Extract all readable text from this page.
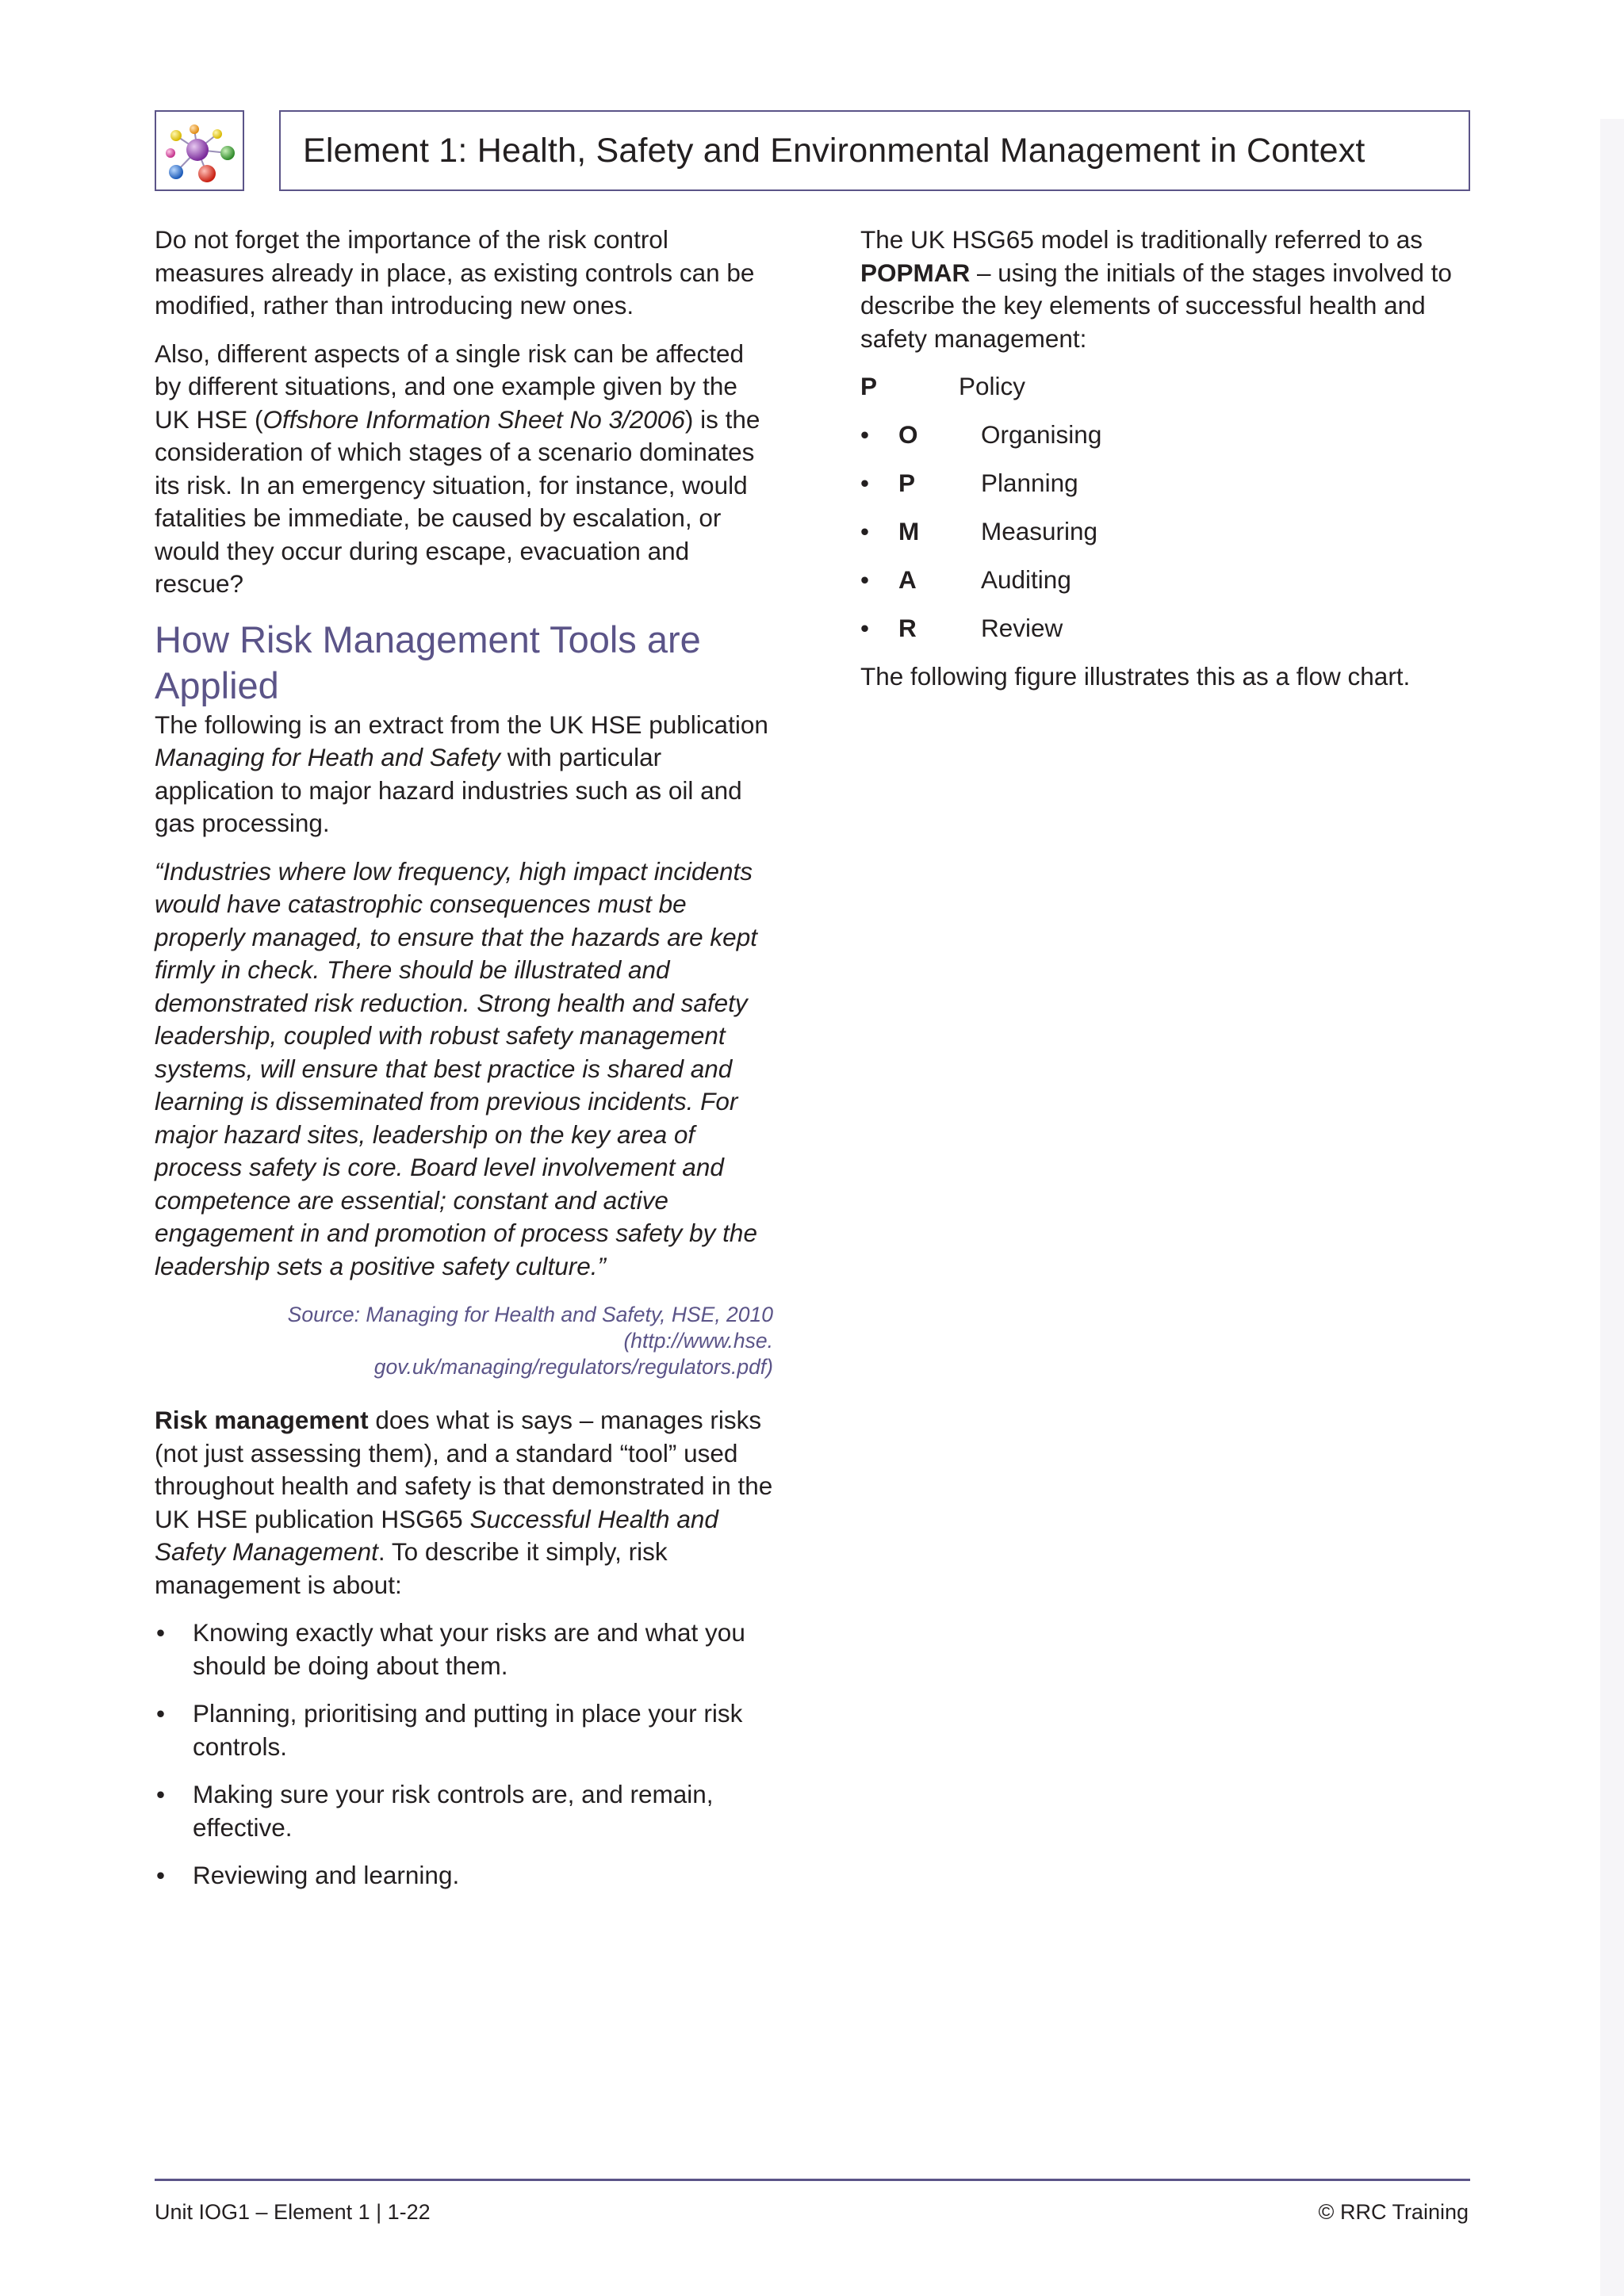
Element 1: Health, Safety and Environmental Management in Context

Do not forget the importance of the risk control measures already in place, as existing controls can be modified, rather than introducing new ones.

Also, different aspects of a single risk can be affected by different situations, and one example given by the UK HSE (Offshore Information Sheet No 3/2006) is the consideration of which stages of a scenario dominates its risk. In an emergency situation, for instance, would fatalities be immediate, be caused by escalation, or would they occur during escape, evacuation and rescue?

How Risk Management Tools are Applied

The following is an extract from the UK HSE publication Managing for Heath and Safety with particular application to major hazard industries such as oil and gas processing.

“Industries where low frequency, high impact incidents would have catastrophic consequences must be properly managed, to ensure that the hazards are kept firmly in check. There should be illustrated and demonstrated risk reduction. Strong health and safety leadership, coupled with robust safety management systems, will ensure that best practice is shared and learning is disseminated from previous incidents. For major hazard sites, leadership on the key area of process safety is core. Board level involvement and competence are essential; constant and active engagement in and promotion of process safety by the leadership sets a positive safety culture.”

Source: Managing for Health and Safety, HSE, 2010 (http://www.hse.
gov.uk/managing/regulators/regulators.pdf)

Risk management does what is says – manages risks (not just assessing them), and a standard “tool” used throughout health and safety is that demonstrated in the UK HSE publication HSG65 Successful Health and Safety Management. To describe it simply, risk management is about:

• Knowing exactly what your risks are and what you should be doing about them.
• Planning, prioritising and putting in place your risk controls.
• Making sure your risk controls are, and remain, effective.
• Reviewing and learning.

The UK HSG65 model is traditionally referred to as POPMAR – using the initials of the stages involved to describe the key elements of successful health and safety management:

P	Policy
•	O	Organising
•	P	Planning
•	M	Measuring
•	A	Auditing
•	R	Review

The following figure illustrates this as a flow chart.

Unit IOG1 – Element 1 | 1-22	© RRC Training
